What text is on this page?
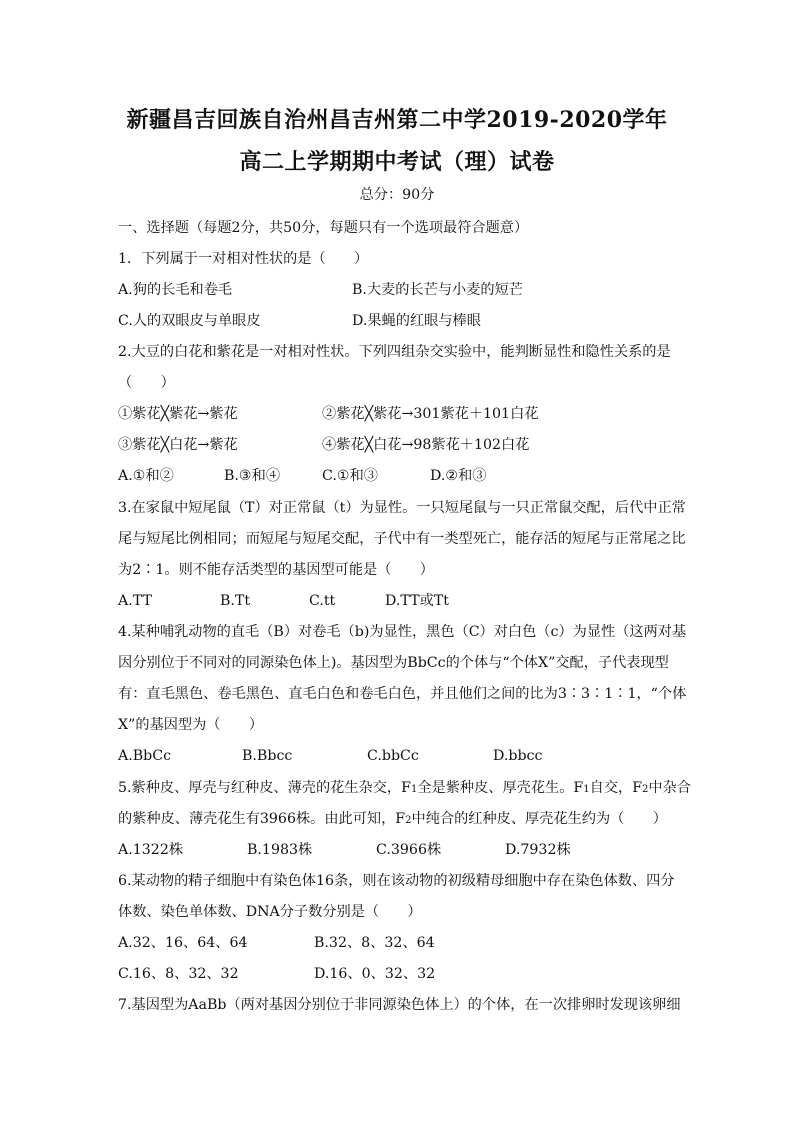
新疆昌吉回族自治州昌吉州第二中学2019-2020学年
高二上学期期中考试（理）试卷
总分：90分
一、选择题（每题2分，共50分，每题只有一个选项最符合题意）
1．下列属于一对相对性状的是（　　）
A.狗的长毛和卷毛	B.大麦的长芒与小麦的短芒
C.人的双眼皮与单眼皮	D.果蝇的红眼与棒眼
2.大豆的白花和紫花是一对相对性状。下列四组杂交实验中，能判断显性和隐性关系的是
（　　）
①紫花╳紫花→紫花	②紫花╳紫花→301紫花＋101白花
③紫花╳白花→紫花	④紫花╳白花→98紫花＋102白花
A.①和②	B.③和④	C.①和③	D.②和③
3.在家鼠中短尾鼠（T）对正常鼠（t）为显性。一只短尾鼠与一只正常鼠交配，后代中正常
尾与短尾比例相同；而短尾与短尾交配，子代中有一类型死亡，能存活的短尾与正常尾之比
为2∶1。则不能存活类型的基因型可能是（　　）
A.TT	B.Tt	C.tt	D.TT或Tt
4.某种哺乳动物的直毛（B）对卷毛（b)为显性，黑色（C）对白色（c）为显性（这两对基
因分别位于不同对的同源染色体上)。基因型为BbCc的个体与“个体X”交配，子代表现型
有：直毛黑色、卷毛黑色、直毛白色和卷毛白色，并且他们之间的比为3∶3∶1∶1，“个体
X”的基因型为（　　）
A.BbCc	B.Bbcc	C.bbCc	D.bbcc
5.紫种皮、厚壳与红种皮、薄壳的花生杂交，F1全是紫种皮、厚壳花生。F1自交，F2中杂合
的紫种皮、薄壳花生有3966株。由此可知，F2中纯合的红种皮、厚壳花生约为（　　）
A.1322株	B.1983株	C.3966株	D.7932株
6.某动物的精子细胞中有染色体16条，则在该动物的初级精母细胞中存在染色体数、四分
体数、染色单体数、DNA分子数分别是（　　）
A.32、16、64、64	B.32、8、32、64
C.16、8、32、32	D.16、0、32、32
7.基因型为AaBb（两对基因分别位于非同源染色体上）的个体，在一次排卵时发现该卵细
